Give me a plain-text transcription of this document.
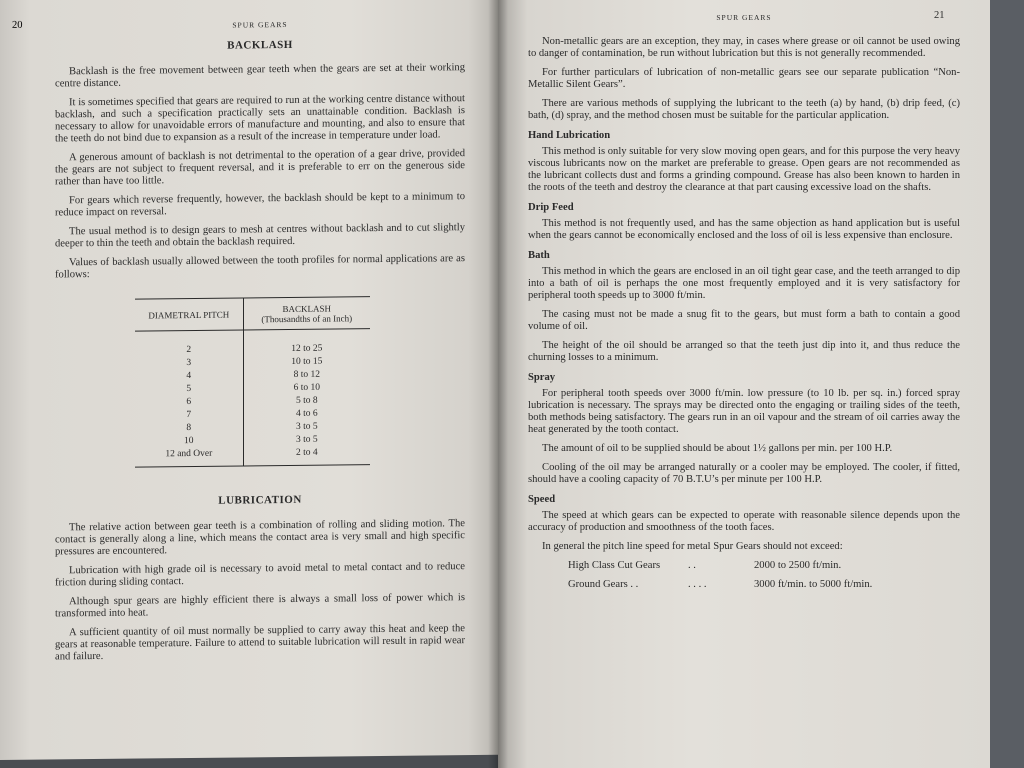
20	SPUR GEARS
BACKLASH

Backlash is the free movement between gear teeth when the gears are set at their working centre distance.

It is sometimes specified that gears are required to run at the working centre distance without backlash, and such a specification practically sets an unattainable condition. Backlash is necessary to allow for unavoidable errors of manufacture and mounting, and also to ensure that the teeth do not bind due to expansion as a result of the increase in temperature under load.

A generous amount of backlash is not detrimental to the operation of a gear drive, provided the gears are not subject to frequent reversal, and it is preferable to err on the generous side rather than have too little.

For gears which reverse frequently, however, the backlash should be kept to a minimum to reduce impact on reversal.

The usual method is to design gears to mesh at centres without backlash and to cut slightly deeper to thin the teeth and obtain the backlash required.

Values of backlash usually allowed between the tooth profiles for normal applications are as follows:

DIAMETRAL PITCH	BACKLASH
(Thousandths of an Inch)
2	12 to 25
3	10 to 15
4	8 to 12
5	6 to 10
6	5 to 8
7	4 to 6
8	3 to 5
10	3 to 5
12 and Over	2 to 4
LUBRICATION

The relative action between gear teeth is a combination of rolling and sliding motion. The contact is generally along a line, which means the contact area is very small and high specific pressures are encountered.

Lubrication with high grade oil is necessary to avoid metal to metal contact and to reduce friction during sliding contact.

Although spur gears are highly efficient there is always a small loss of power which is transformed into heat.

A sufficient quantity of oil must normally be supplied to carry away this heat and keep the gears at reasonable temperature. Failure to attend to suitable lubrication will result in rapid wear and failure.

SPUR GEARS	21

Non-metallic gears are an exception, they may, in cases where grease or oil cannot be used owing to danger of contamination, be run without lubrication but this is not generally recommended.

For further particulars of lubrication of non-metallic gears see our separate publication “Non-Metallic Silent Gears”.

There are various methods of supplying the lubricant to the teeth (a) by hand, (b) drip feed, (c) bath, (d) spray, and the method chosen must be suitable for the particular application.

Hand Lubrication

This method is only suitable for very slow moving open gears, and for this purpose the very heavy viscous lubricants now on the market are preferable to grease. Open gears are not recommended as the lubricant collects dust and forms a grinding compound. Grease has also been known to harden in the roots of the teeth and destroy the clearance at that part causing excessive load on the shafts.

Drip Feed

This method is not frequently used, and has the same objection as hand application but is useful when the gears cannot be economically enclosed and the loss of oil is less expensive than enclosure.

Bath

This method in which the gears are enclosed in an oil tight gear case, and the teeth arranged to dip into a bath of oil is perhaps the one most frequently employed and it is very satisfactory for peripheral tooth speeds up to 3000 ft/min.

The casing must not be made a snug fit to the gears, but must form a bath to contain a good volume of oil.

The height of the oil should be arranged so that the teeth just dip into it, and thus reduce the churning losses to a minimum.

Spray

For peripheral tooth speeds over 3000 ft/min. low pressure (to 10 lb. per sq. in.) forced spray lubrication is necessary. The sprays may be directed onto the engaging or trailing sides of the teeth, both methods being satisfactory. The gears run in an oil vapour and the stream of oil carries away the heat generated by the tooth contact.

The amount of oil to be supplied should be about 1½ gallons per min. per 100 H.P.

Cooling of the oil may be arranged naturally or a cooler may be employed. The cooler, if fitted, should have a cooling capacity of 70 B.T.U’s per minute per 100 H.P.

Speed

The speed at which gears can be expected to operate with reasonable silence depends upon the accuracy of production and smoothness of the tooth faces.

In general the pitch line speed for metal Spur Gears should not exceed:

High Class Cut Gears	. .	2000 to 2500 ft/min.
Ground Gears . .	. . . .	3000 ft/min. to 5000 ft/min.
